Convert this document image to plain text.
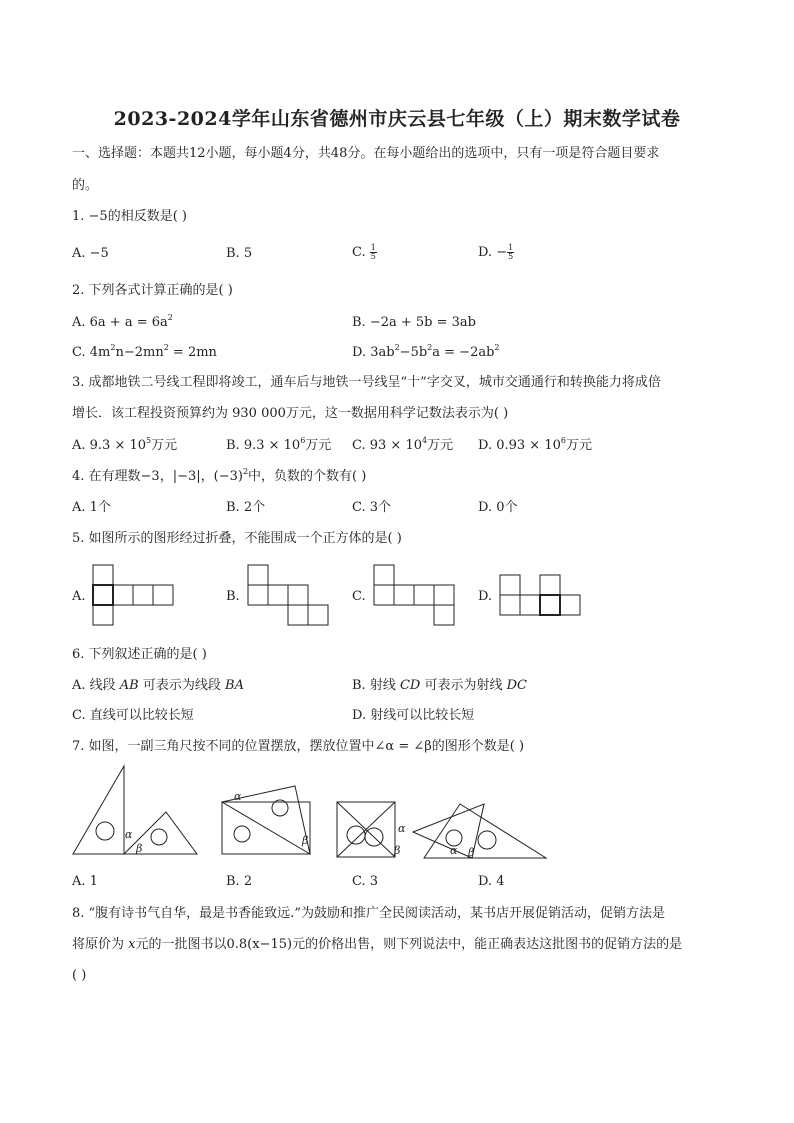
2023-2024学年山东省德州市庆云县七年级（上）期末数学试卷
一、选择题：本题共12小题，每小题4分，共48分。在每小题给出的选项中，只有一项是符合题目要求
的。
1. −5的相反数是( )
A. −5	B. 5	C. $\frac{1}{5}$	D. − $\frac{1}{5}$
2. 下列各式计算正确的是( )
A. $6a + a = 6a^2$	B. −2a + 5b = 3ab
C. $4m^2n-2mn^2 = 2mn$	D. $3ab^2-5b^2a = -2ab^2$
3. 成都地铁二号线工程即将竣工，通车后与地铁一号线呈“十”字交叉，城市交通通行和转换能力将成倍
增长．该工程投资预算约为 930 000万元，这一数据用科学记数法表示为( )
A. $9.3 \times 10^5$万元	B. $9.3 \times 10^6$万元 C. $93 \times 10^4$万元 D. $0.93 \times 10^6$万元
4. 在有理数−3，|−3|，$(-3)^2$中，负数的个数有( )
A. 1个	B. 2个	C. 3个	D. 0个
5. 如图所示的图形经过折叠，不能围成一个正方体的是( )
A.	B.	C.	D.
6. 下列叙述正确的是( )
A. 线段 AB 可表示为线段 BA	B. 射线 CD 可表示为射线 DC
C. 直线可以比较长短	D. 射线可以比较长短
7. 如图，一副三角尺按不同的位置摆放，摆放位置中∠α = ∠β的图形个数是( )
α
β
α
β
α
β	α β
A. 1	B. 2	C. 3	D. 4
8. “腹有诗书气自华，最是书香能致远.”为鼓励和推广全民阅读活动，某书店开展促销活动，促销方法是
将原价为 x元的一批图书以0.8(x−15)元的价格出售，则下列说法中，能正确表达这批图书的促销方法的是
( )
